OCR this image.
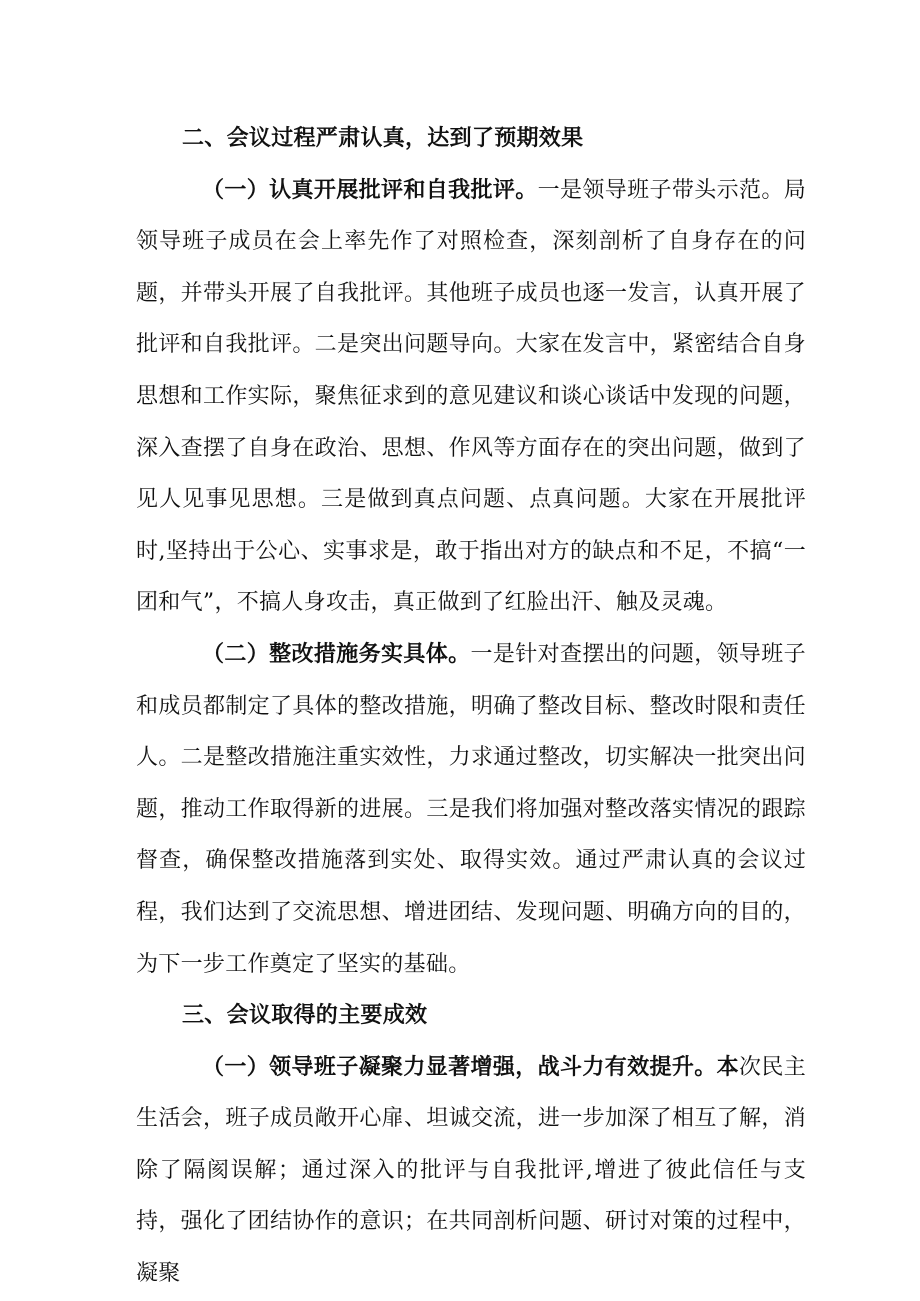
二、会议过程严肃认真，达到了预期效果

（一）认真开展批评和自我批评。一是领导班子带头示范。局领导班子成员在会上率先作了对照检查，深刻剖析了自身存在的问题，并带头开展了自我批评。其他班子成员也逐一发言，认真开展了批评和自我批评。二是突出问题导向。大家在发言中，紧密结合自身思想和工作实际，聚焦征求到的意见建议和谈心谈话中发现的问题，深入查摆了自身在政治、思想、作风等方面存在的突出问题，做到了见人见事见思想。三是做到真点问题、点真问题。大家在开展批评时,坚持出于公心、实事求是，敢于指出对方的缺点和不足，不搞“一团和气”，不搞人身攻击，真正做到了红脸出汗、触及灵魂。

（二）整改措施务实具体。一是针对查摆出的问题，领导班子和成员都制定了具体的整改措施，明确了整改目标、整改时限和责任人。二是整改措施注重实效性，力求通过整改，切实解决一批突出问题，推动工作取得新的进展。三是我们将加强对整改落实情况的跟踪督查，确保整改措施落到实处、取得实效。通过严肃认真的会议过程，我们达到了交流思想、增进团结、发现问题、明确方向的目的，为下一步工作奠定了坚实的基础。

三、会议取得的主要成效

（一）领导班子凝聚力显著增强，战斗力有效提升。本次民主生活会，班子成员敞开心扉、坦诚交流，进一步加深了相互了解，消除了隔阂误解；通过深入的批评与自我批评,增进了彼此信任与支持，强化了团结协作的意识；在共同剖析问题、研讨对策的过程中，凝聚
